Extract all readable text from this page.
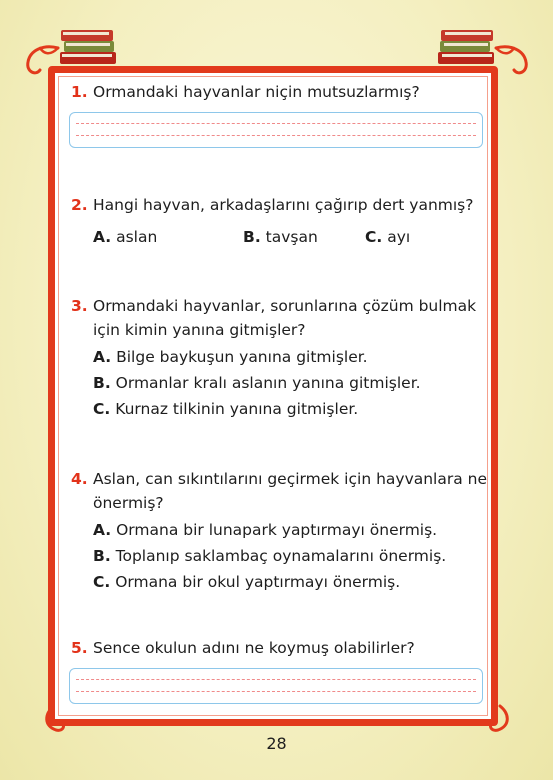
1. Ormandaki hayvanlar niçin mutsuzlarmış?
2. Hangi hayvan, arkadaşlarını çağırıp dert yanmış?
A. aslan	B. tavşan	C. ayı
3. Ormandaki hayvanlar, sorunlarına çözüm bulmak
için kimin yanına gitmişler?
A. Bilge baykuşun yanına gitmişler.
B. Ormanlar kralı aslanın yanına gitmişler.
C. Kurnaz tilkinin yanına gitmişler.
4. Aslan, can sıkıntılarını geçirmek için hayvanlara ne
önermiş?
A. Ormana bir lunapark yaptırmayı önermiş.
B. Toplanıp saklambaç oynamalarını önermiş.
C. Ormana bir okul yaptırmayı önermiş.
5. Sence okulun adını ne koymuş olabilirler?
28
